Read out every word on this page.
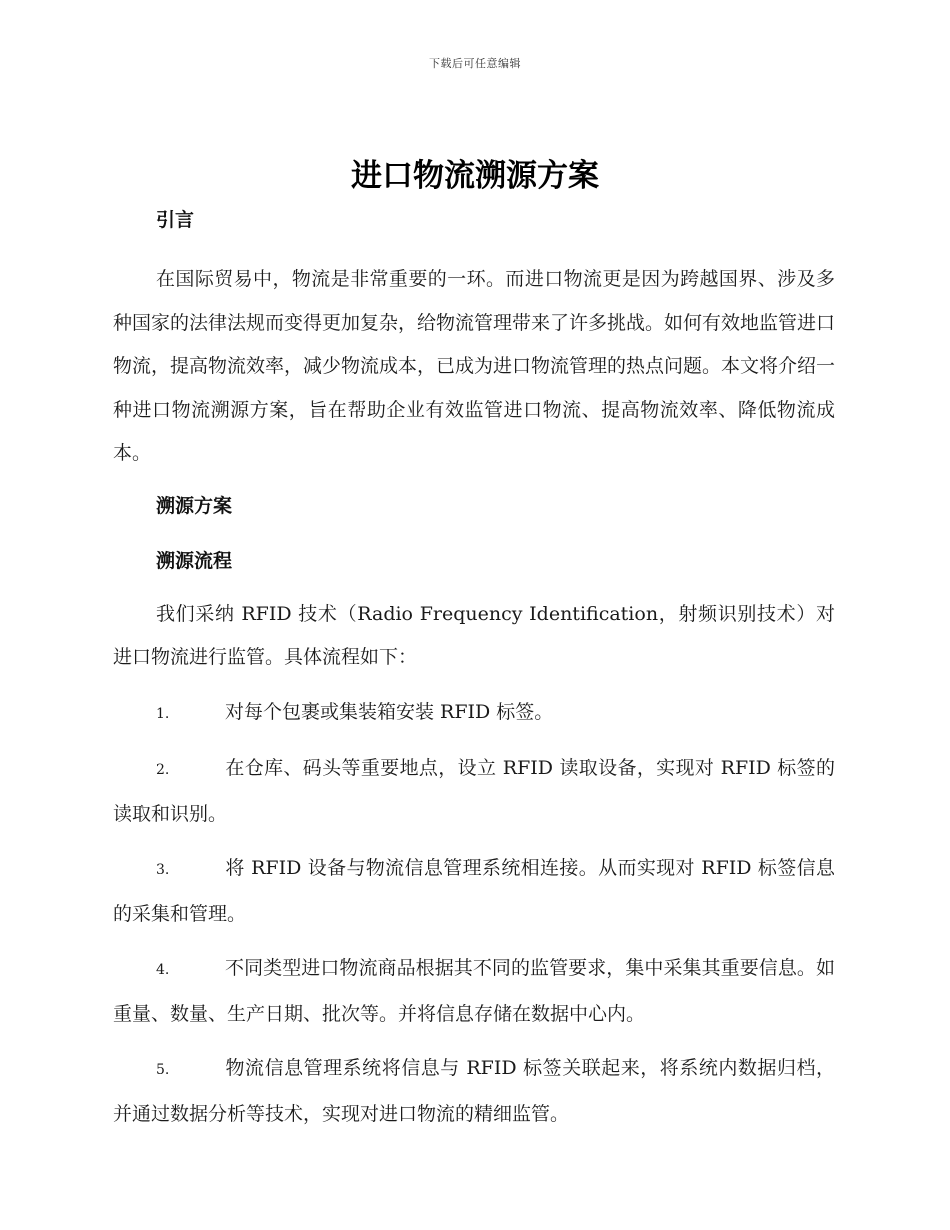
下载后可任意编辑
进口物流溯源方案

引言

在国际贸易中，物流是非常重要的一环。而进口物流更是因为跨越国界、涉及多种国家的法律法规而变得更加复杂，给物流管理带来了许多挑战。如何有效地监管进口物流，提高物流效率，减少物流成本，已成为进口物流管理的热点问题。本文将介绍一种进口物流溯源方案，旨在帮助企业有效监管进口物流、提高物流效率、降低物流成本。

溯源方案

溯源流程

我们采纳 RFID 技术（Radio Frequency Identification，射频识别技术）对进口物流进行监管。具体流程如下：

1.	对每个包裹或集装箱安装 RFID 标签。

2.	在仓库、码头等重要地点，设立 RFID 读取设备，实现对 RFID 标签的读取和识别。

3.	将 RFID 设备与物流信息管理系统相连接。从而实现对 RFID 标签信息的采集和管理。

4.	不同类型进口物流商品根据其不同的监管要求，集中采集其重要信息。如重量、数量、生产日期、批次等。并将信息存储在数据中心内。

5.	物流信息管理系统将信息与 RFID 标签关联起来，将系统内数据归档，并通过数据分析等技术，实现对进口物流的精细监管。
